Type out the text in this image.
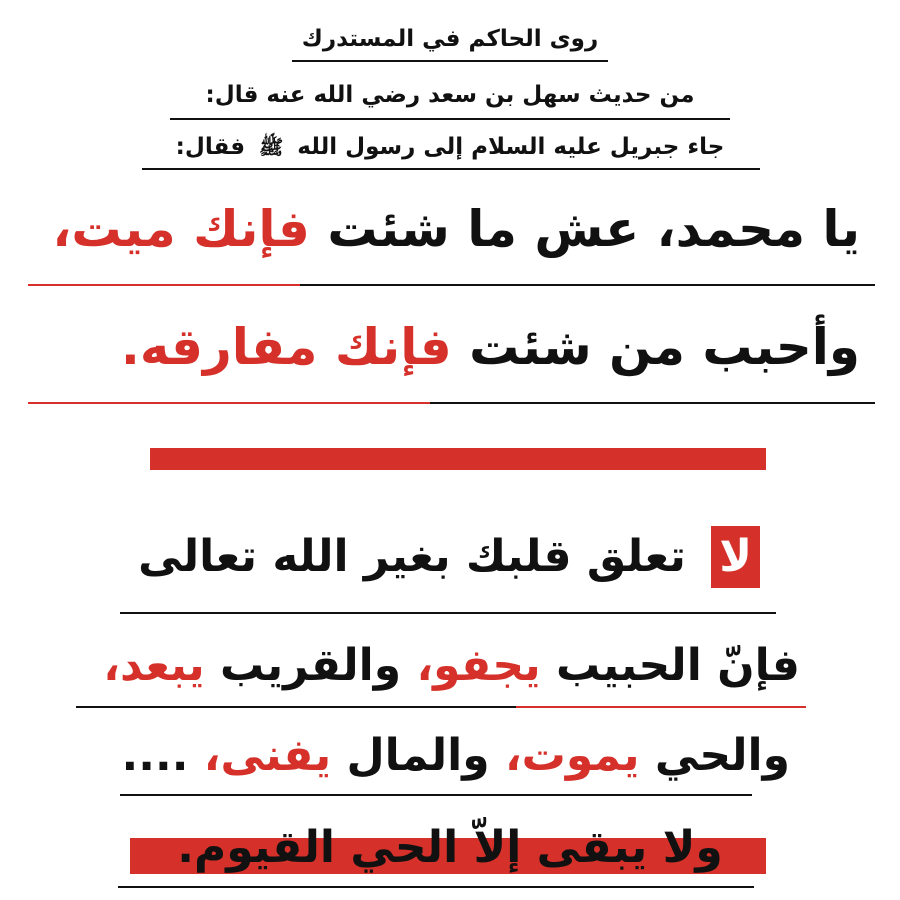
روى الحاكم في المستدرك
من حديث سهل بن سعد رضي الله عنه قال:
جاء جبريل عليه السلام إلى رسول الله ﷺ فقال:
يا محمد، عش ما شئت فإنك ميت،
وأحبب من شئت فإنك مفارقه.
لا تعلق قلبك بغير الله تعالى
فإنّ الحبيب يجفو، والقريب يبعد،
والحي يموت، والمال يفنى، ....
ولا يبقى إلاّ الحي القيوم.
